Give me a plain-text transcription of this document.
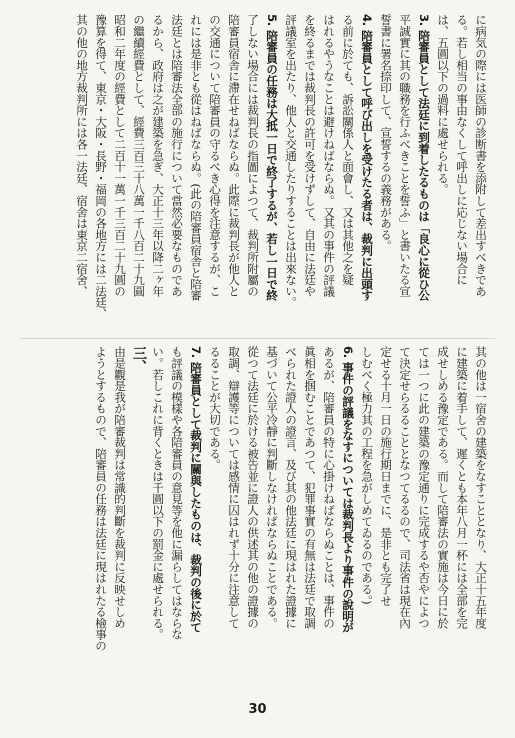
に病気の際には医師の診断書を添附して差出すべきであ
る。若し相当の事由なくして呼出しに応じない場合に
は、五圓以下の過料に處せられる。
3. 陪審員として法廷に到着したるものは「良心に從ひ公
平誠實に其の職務を行ふべきことを誓ふ」と書いたる宣
誓書に署名捺印して、宣誓するの義務がある。
4. 陪審員として呼び出しを受けたる者は、裁判に出頭す
る前に於ても、訴訟關係人と面會し、又は其他之を疑
はれるやうなことは避けねばならぬ。又其の事件の評議
を終るまでは裁判長の許可を受けずして、自由に法廷や
評議室を出たり、他人と交通したりすることは出來ない。
5. 陪審員の任務は大抵一日で終了するが、若し一日で終
了しない場合には裁判長の指圖によつて、裁判所附屬の
陪審員宿舎に滯在せねばならぬ。此際に裁判長が他人と
の交通について陪審員の守るべき心得を注意するが、こ
れには是非とも從はねばならぬ。(此の陪審員宿舎と陪審
法廷とは陪審法全部の施行について當然必要なものであ
るから、政府は之が建築を急ぎ、大正十三年以降二ヶ年
の繼續經費として、經費三百三十八萬一千八百二十九圓
昭和二年度の經費として二百十一萬一千三百二十九圓の
豫算を得て、東京・大阪・長野・福岡の各地方には二法廷、
其の他の地方裁判所には各一法廷、宿舍は東京二宿舍、
其の他は一宿舍の建築をなすこととなり、大正十五年度
に建築に着手して、遲くとも本年八月一杯には全部を完
成せしめる豫定である。而して陪審法の實施は今日に於
ては一つに此の建築の豫定通りに完成するや否やによつ
て決定せらるることとなつてるるので、司法省は現在內
定せる十月一日の施行期日までに、是非とも完了せ
しむべく極力其の工程を急がしめてゐるのである。)
6. 事件の評議をなすについては裁判長より事件の說明が
あるが、陪審員の特に心掛けねばならぬことは、事件の
眞相を掴むことであつて、犯罪事實の有無は法廷で取調
べられた證人の證言、及び其の他法廷に現はれた證據に
基づいて公平冷靜に判斷しなければならぬことである。
從つて法廷に於ける被告並に證人の供述其の他の證據の
取調、辯護等については感情に囚はれず十分に注意して
るることが大切である。
7. 陪審員として裁判に關與したものは、裁判の後に於て
も評議の模樣や各陪審員の意見等を他に漏らしてはならな
い。若しこれに背くときは千圓以下の罰金に處せられる。
三、
由是觀是我が陪審裁判は常識的判斷を裁判に反映せしめ
ようとするもので、陪審員の任務は法廷に現はれたる檢事の
30
